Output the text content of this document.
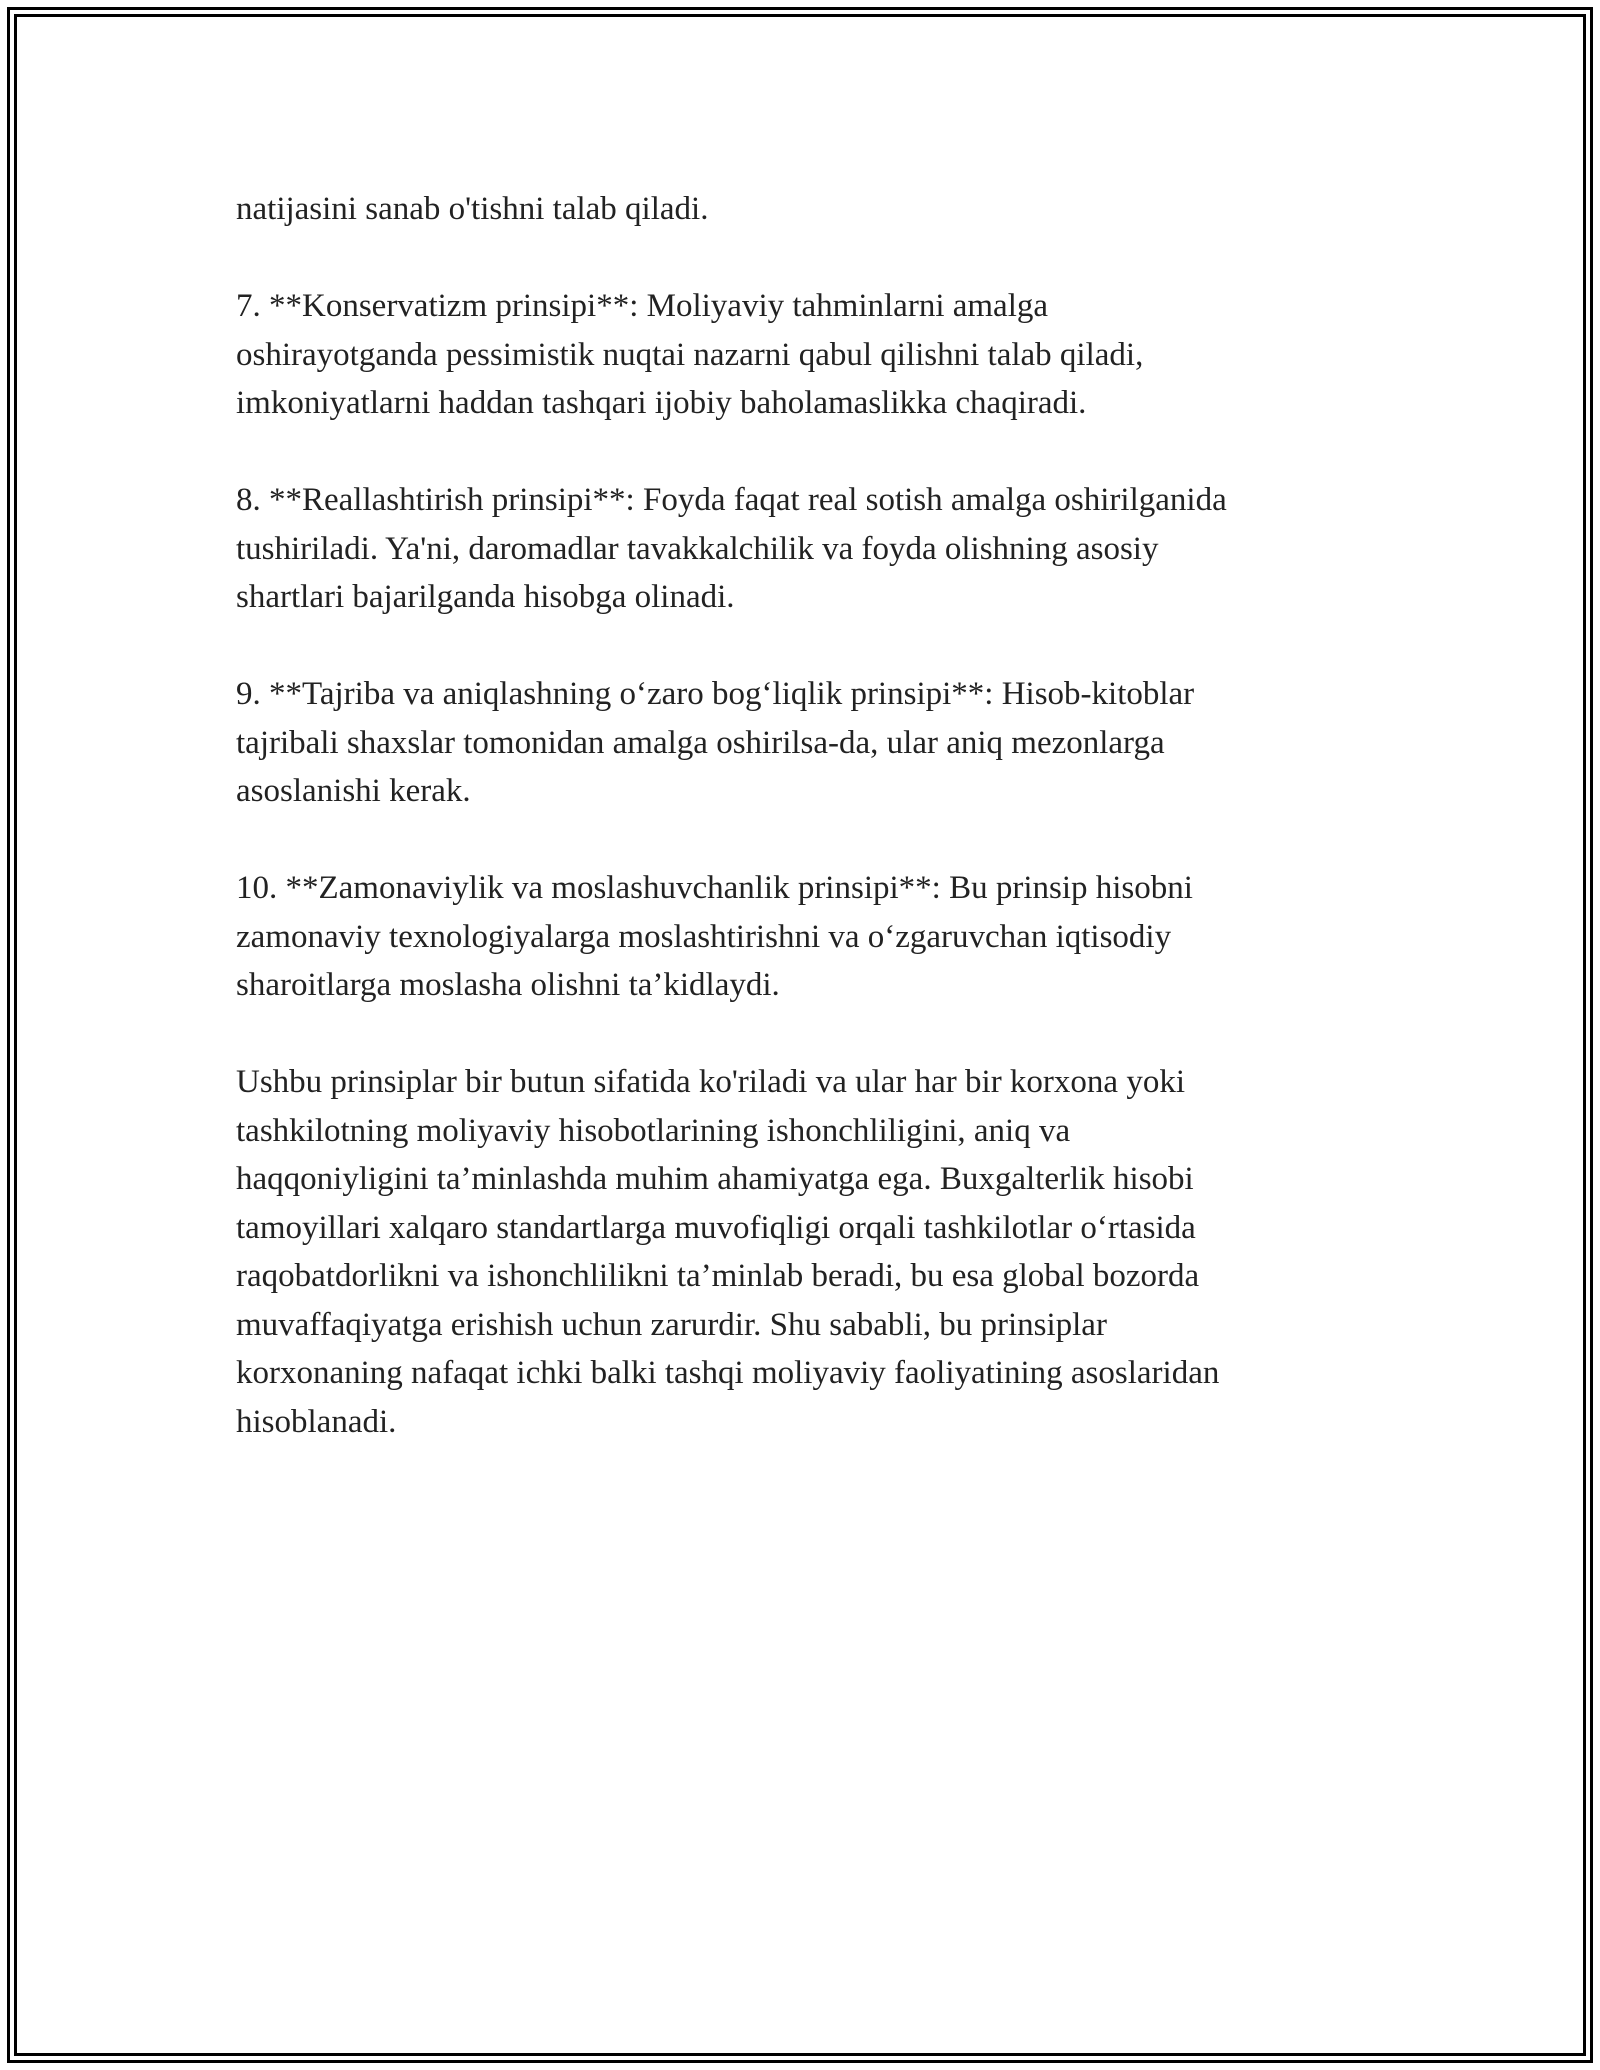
natijasini sanab o'tishni talab qiladi.

7. **Konservatizm prinsipi**: Moliyaviy tahminlarni amalga
oshirayotganda pessimistik nuqtai nazarni qabul qilishni talab qiladi,
imkoniyatlarni haddan tashqari ijobiy baholamaslikka chaqiradi.

8. **Reallashtirish prinsipi**: Foyda faqat real sotish amalga oshirilganida
tushiriladi. Ya'ni, daromadlar tavakkalchilik va foyda olishning asosiy
shartlari bajarilganda hisobga olinadi.

9. **Tajriba va aniqlashning o‘zaro bog‘liqlik prinsipi**: Hisob-kitoblar
tajribali shaxslar tomonidan amalga oshirilsa-da, ular aniq mezonlarga
asoslanishi kerak.

10. **Zamonaviylik va moslashuvchanlik prinsipi**: Bu prinsip hisobni
zamonaviy texnologiyalarga moslashtirishni va o‘zgaruvchan iqtisodiy
sharoitlarga moslasha olishni ta’kidlaydi.

Ushbu prinsiplar bir butun sifatida ko'riladi va ular har bir korxona yoki
tashkilotning moliyaviy hisobotlarining ishonchliligini, aniq va
haqqoniyligini ta’minlashda muhim ahamiyatga ega. Buxgalterlik hisobi
tamoyillari xalqaro standartlarga muvofiqligi orqali tashkilotlar o‘rtasida
raqobatdorlikni va ishonchlilikni ta’minlab beradi, bu esa global bozorda
muvaffaqiyatga erishish uchun zarurdir. Shu sababli, bu prinsiplar
korxonaning nafaqat ichki balki tashqi moliyaviy faoliyatining asoslaridan
hisoblanadi.
